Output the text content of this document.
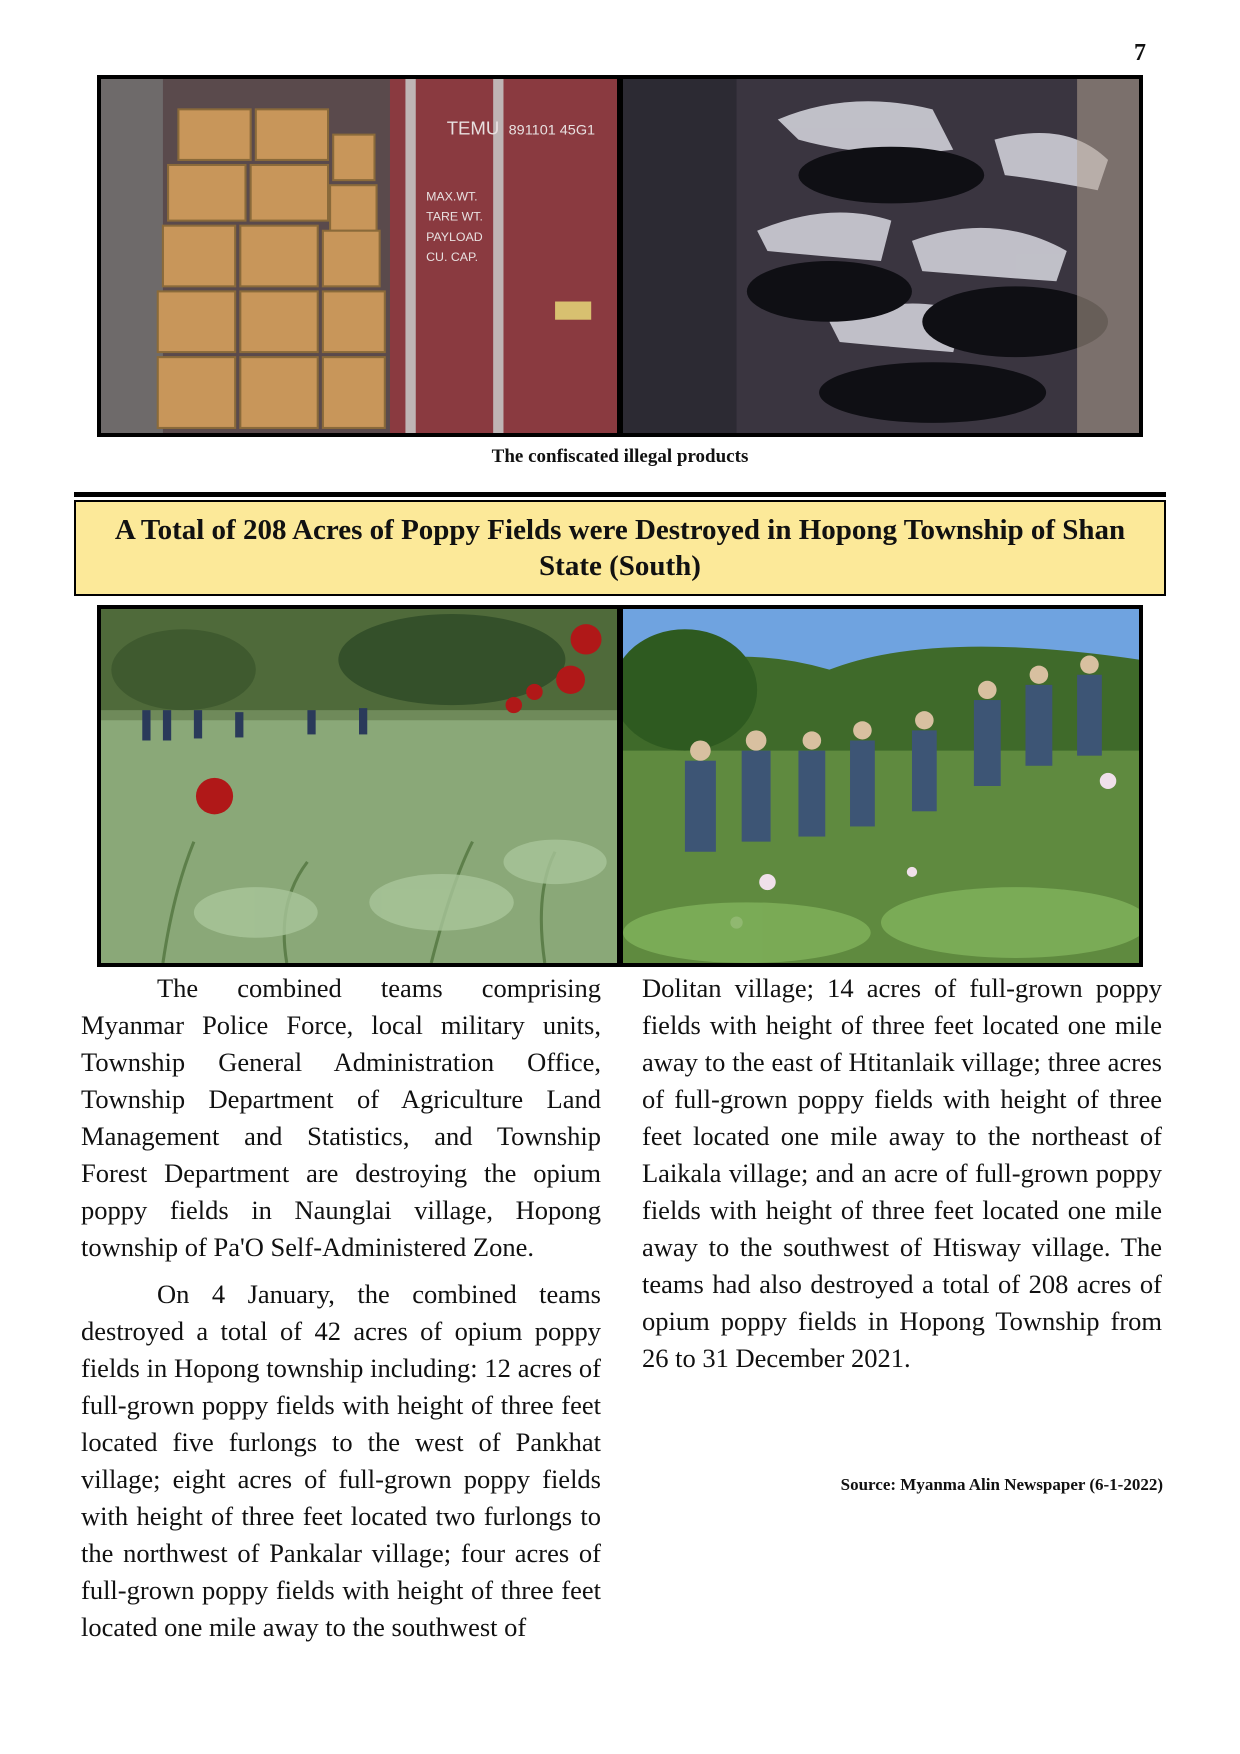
7
TEMU 891101 45G1
MAX.WT.
TARE WT.
PAYLOAD
CU. CAP.
The confiscated illegal products
A Total of 208 Acres of Poppy Fields were Destroyed in Hopong Township of Shan State (South)

The combined teams comprising Myanmar Police Force, local military units, Township General Administration Office, Township Department of Agriculture Land Management and Statistics, and Township Forest Department are destroying the opium poppy fields in Naunglai village, Hopong township of Pa'O Self-Administered Zone.

On 4 January, the combined teams destroyed a total of 42 acres of opium poppy fields in Hopong township including: 12 acres of full-grown poppy fields with height of three feet located five furlongs to the west of Pankhat village; eight acres of full-grown poppy fields with height of three feet located two furlongs to the northwest of Pankalar village; four acres of full-grown poppy fields with height of three feet located one mile away to the southwest of

Dolitan village; 14 acres of full-grown poppy fields with height of three feet located one mile away to the east of Htitanlaik village; three acres of full-grown poppy fields with height of three feet located one mile away to the northeast of Laikala village; and an acre of full-grown poppy fields with height of three feet located one mile away to the southwest of Htisway village. The teams had also destroyed a total of 208 acres of opium poppy fields in Hopong Township from 26 to 31 December 2021.

Source: Myanma Alin Newspaper (6-1-2022)
